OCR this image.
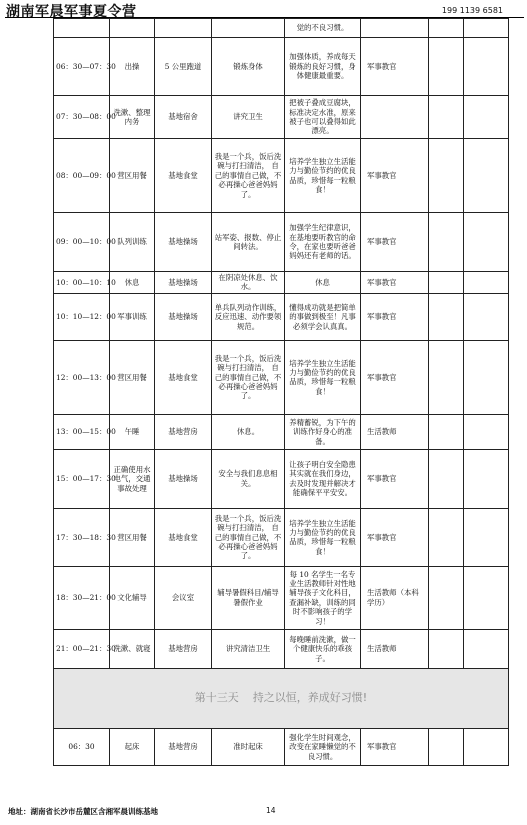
湖南军晨军事夏令营	199 1139 6581
				觉的不良习惯。			
06：30—07：30	出操	5 公里跑道	锻炼身体	加强体质，养成每天锻炼的良好习惯，身体健康最重要。	军事教官		
07：30—08：00	洗漱、整理内务	基地宿舍	讲究卫生	把被子叠成豆腐块，标准决定水准，原来被子也可以叠得如此漂亮。			
08：00—09：00	营区用餐	基地食堂	我是一个兵，饭后洗碗与打扫清洁， 自己的事情自己做，不必再操心爸爸妈妈了。	培养学生独立生活能力与勤俭节约的优良品质，珍惜每一粒粮食！	军事教官		
09：00—10：00	队列训练	基地操场	站军姿、报数、停止间转法。	加强学生纪律意识，在基地要听教官的命令，在家也要听爸爸妈妈还有老师的话。	军事教官		
10：00—10：10	休息	基地操场	在阴凉处休息、饮水。	休息	军事教官		
10：10—12：00	军事训练	基地操场	单兵队列动作训练，反应迅速、动作要领规范。	懂得成功就是把简单的事做到极至！凡事必须学会认真真。	军事教官		
12：00—13：00	营区用餐	基地食堂	我是一个兵，饭后洗碗与打扫清洁， 自己的事情自己做，不必再操心爸爸妈妈了。	培养学生独立生活能力与勤俭节约的优良品质，珍惜每一粒粮食！	军事教官		
13：00—15：00	午睡	基地营房	休息。	养精蓄锐，为下午的训练作好身心的准备。	生活教师		
15：00—17：30	正确使用水电气，交通事故处理	基地操场	安全与我们息息相关。	让孩子明白安全隐患其实就在我们身边，去及时发现并解决才能确保平平安安。	军事教官		
17：30—18：30	营区用餐	基地食堂	我是一个兵，饭后洗碗与打扫清洁， 自己的事情自己做，不必再操心爸爸妈妈了。	培养学生独立生活能力与勤俭节约的优良品质，珍惜每一粒粮食！	军事教官		
18：30—21：00	文化辅导	会议室	辅导暑假科目/辅导暑假作业	每 10 名学生一名专业生活教师针对性地辅导孩子文化科目，查漏补缺，训练的同时不影响孩子的学习！	生活教师（本科学历）		
21：00—21：30	洗漱、就寝	基地营房	讲究清洁卫生	每晚睡前洗漱，做一个健康快乐的乖孩子。	生活教师		
第十三天    持之以恒，养成好习惯!							
06：30	起床	基地营房	准时起床	强化学生时间观念，改变在家睡懒觉的不良习惯。	军事教官		
地址：湖南省长沙市岳麓区含湘军晨训练基地	14
